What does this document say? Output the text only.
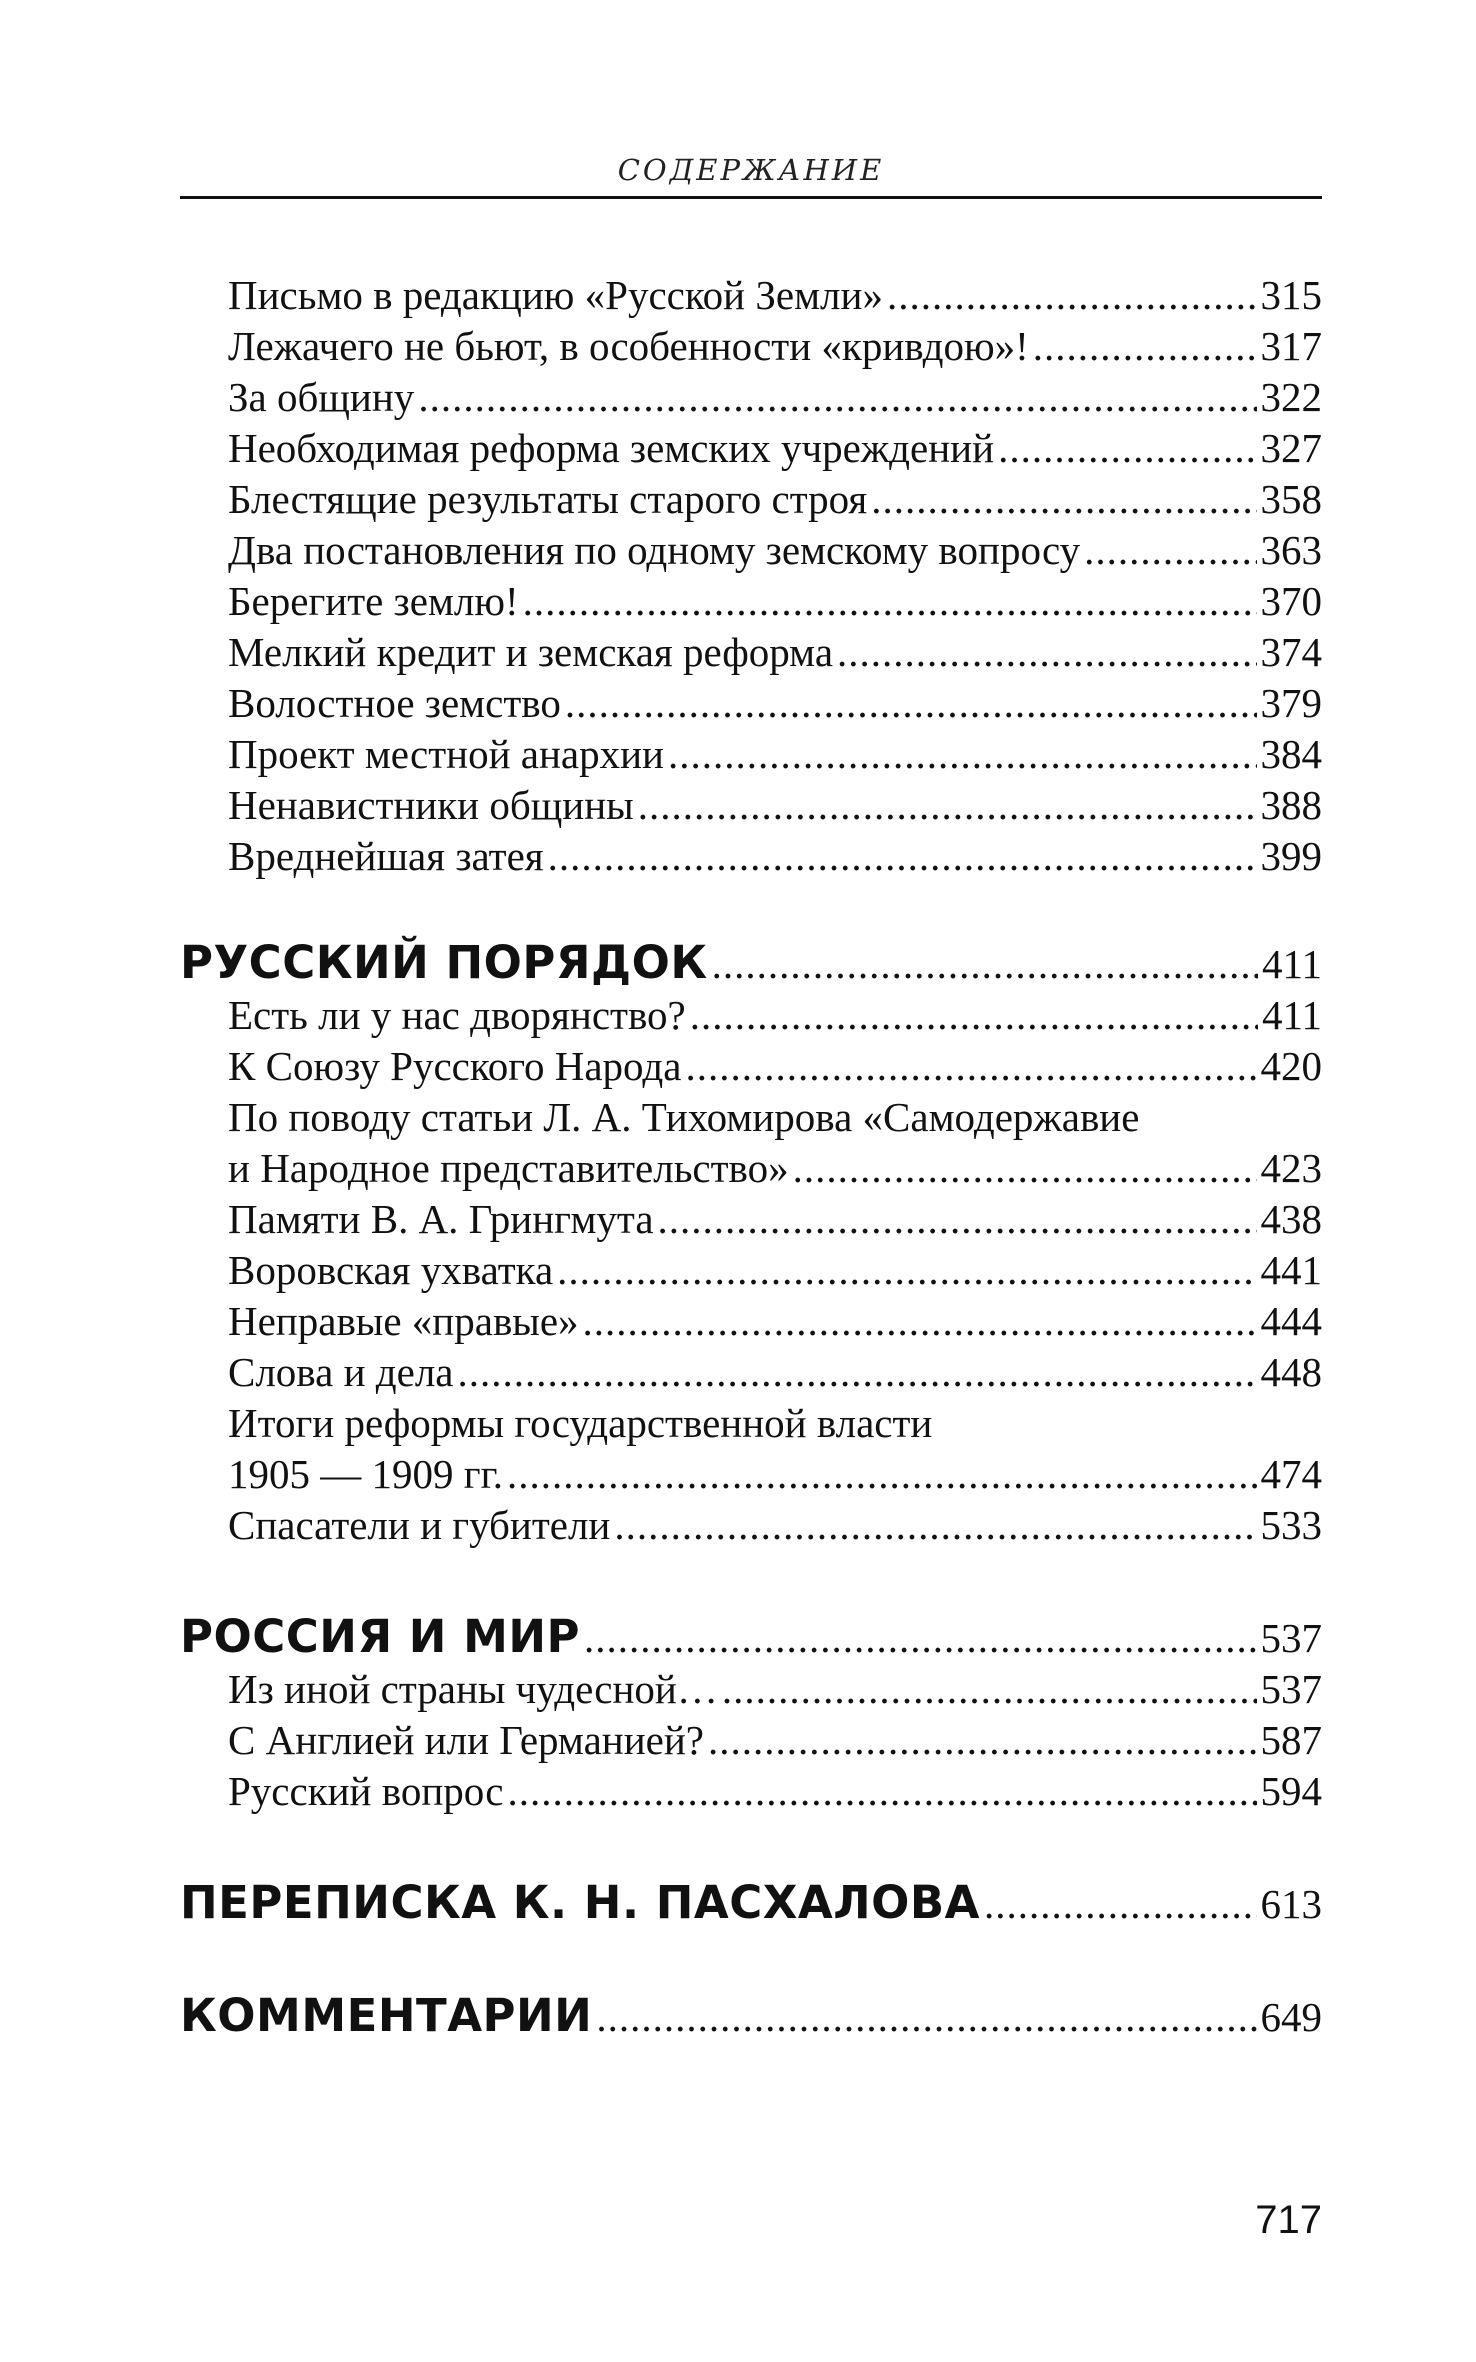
СОДЕРЖАНИЕ
Письмо в редакцию «Русской Земли» .....	315
Лежачего не бьют, в особенности «кривдою»! .....	317
За общину .....	322
Необходимая реформа земских учреждений .....	327
Блестящие результаты старого строя .....	358
Два постановления по одному земскому вопросу .....	363
Берегите землю! .....	370
Мелкий кредит и земская реформа .....	374
Волостное земство .....	379
Проект местной анархии .....	384
Ненавистники общины .....	388
Вреднейшая затея .....	399
РУССКИЙ ПОРЯДОК .....	411
Есть ли у нас дворянство? .....	411
К Союзу Русского Народа .....	420
По поводу статьи Л. А. Тихомирова «Самодержавие
и Народное представительство» .....	423
Памяти В. А. Грингмута .....	438
Воровская ухватка .....	441
Неправые «правые» .....	444
Слова и дела .....	448
Итоги реформы государственной власти
1905 — 1909 гг. .....	474
Спасатели и губители .....	533
РОССИЯ И МИР .....	537
Из иной страны чудесной… .....	537
С Англией или Германией? .....	587
Русский вопрос .....	594
ПЕРЕПИСКА К. Н. ПАСХАЛОВА .....	613
КОММЕНТАРИИ .....	649
717
